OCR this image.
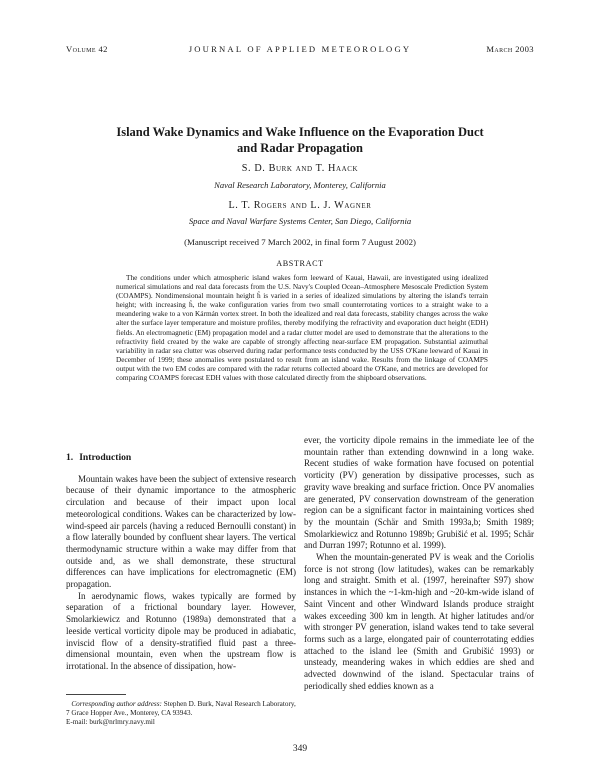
Volume 42	JOURNAL OF APPLIED METEOROLOGY	March 2003
Island Wake Dynamics and Wake Influence on the Evaporation Duct
and Radar Propagation
S. D. Burk and T. Haack
Naval Research Laboratory, Monterey, California
L. T. Rogers and L. J. Wagner
Space and Naval Warfare Systems Center, San Diego, California
(Manuscript received 7 March 2002, in final form 7 August 2002)
ABSTRACT
The conditions under which atmospheric island wakes form leeward of Kauai, Hawaii, are investigated using idealized numerical simulations and real data forecasts from the U.S. Navy's Coupled Ocean–Atmosphere Mesoscale Prediction System (COAMPS). Nondimensional mountain height ĥ is varied in a series of idealized simulations by altering the island's terrain height; with increasing ĥ, the wake configuration varies from two small counterrotating vortices to a straight wake to a meandering wake to a von Kármán vortex street. In both the idealized and real data forecasts, stability changes across the wake alter the surface layer temperature and moisture profiles, thereby modifying the refractivity and evaporation duct height (EDH) fields. An electromagnetic (EM) propagation model and a radar clutter model are used to demonstrate that the alterations to the refractivity field created by the wake are capable of strongly affecting near-surface EM propagation. Substantial azimuthal variability in radar sea clutter was observed during radar performance tests conducted by the USS O'Kane leeward of Kauai in December of 1999; these anomalies were postulated to result from an island wake. Results from the linkage of COAMPS output with the two EM codes are compared with the radar returns collected aboard the O'Kane, and metrics are developed for comparing COAMPS forecast EDH values with those calculated directly from the shipboard observations.
1. Introduction

Mountain wakes have been the subject of extensive research because of their dynamic importance to the atmospheric circulation and because of their impact upon local meteorological conditions. Wakes can be characterized by low-wind-speed air parcels (having a reduced Bernoulli constant) in a flow laterally bounded by confluent shear layers. The vertical thermodynamic structure within a wake may differ from that outside and, as we shall demonstrate, these structural differences can have implications for electromagnetic (EM) propagation.

In aerodynamic flows, wakes typically are formed by separation of a frictional boundary layer. However, Smolarkiewicz and Rotunno (1989a) demonstrated that a leeside vertical vorticity dipole may be produced in adiabatic, inviscid flow of a density-stratified fluid past a three-dimensional mountain, even when the upstream flow is irrotational. In the absence of dissipation, how-

ever, the vorticity dipole remains in the immediate lee of the mountain rather than extending downwind in a long wake. Recent studies of wake formation have focused on potential vorticity (PV) generation by dissipative processes, such as gravity wave breaking and surface friction. Once PV anomalies are generated, PV conservation downstream of the generation region can be a significant factor in maintaining vortices shed by the mountain (Schär and Smith 1993a,b; Smith 1989; Smolarkiewicz and Rotunno 1989b; Grubišić et al. 1995; Schär and Durran 1997; Rotunno et al. 1999).

When the mountain-generated PV is weak and the Coriolis force is not strong (low latitudes), wakes can be remarkably long and straight. Smith et al. (1997, hereinafter S97) show instances in which the ~1-km-high and ~20-km-wide island of Saint Vincent and other Windward Islands produce straight wakes exceeding 300 km in length. At higher latitudes and/or with stronger PV generation, island wakes tend to take several forms such as a large, elongated pair of counterrotating eddies attached to the island lee (Smith and Grubišić 1993) or unsteady, meandering wakes in which eddies are shed and advected downwind of the island. Spectacular trains of periodically shed eddies known as a

Corresponding author address: Stephen D. Burk, Naval Research Laboratory, 7 Grace Hopper Ave., Monterey, CA 93943.
E-mail: burk@nrlmry.navy.mil
349
